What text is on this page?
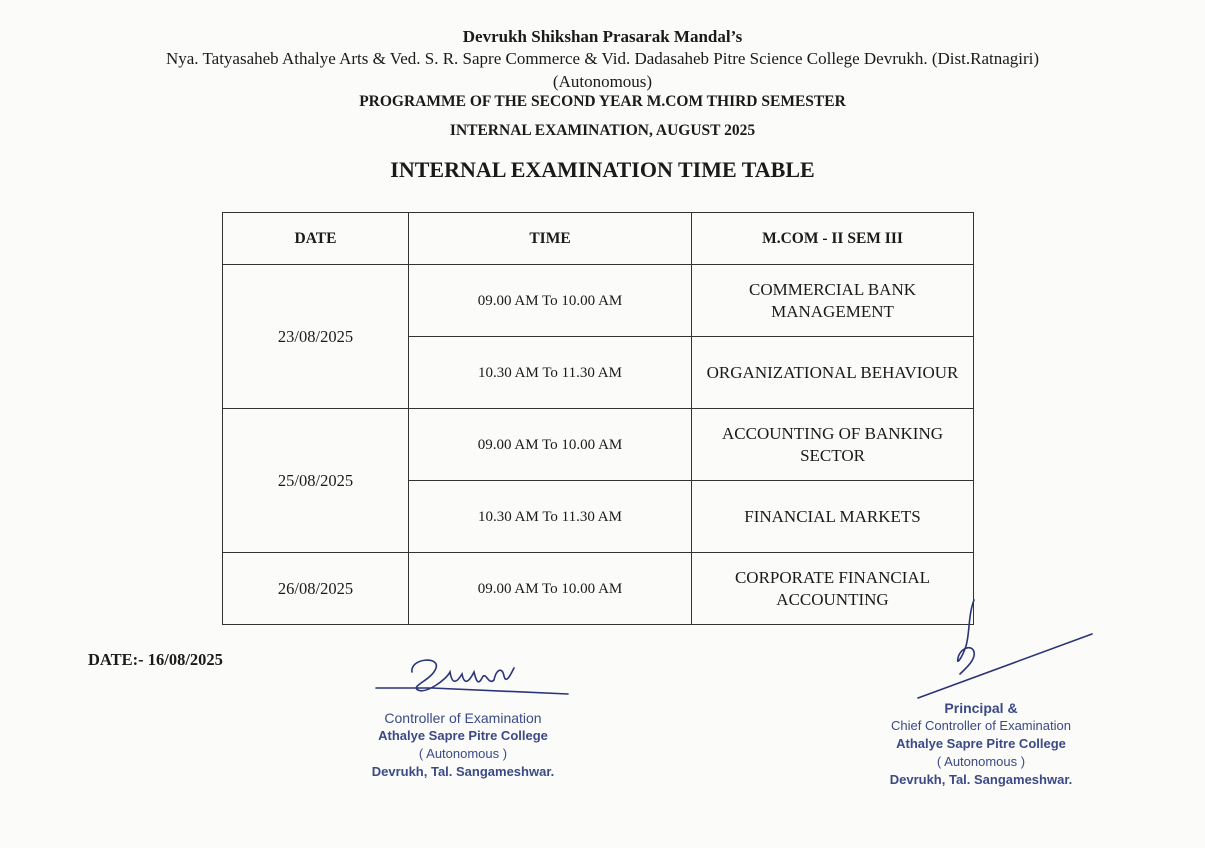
Devrukh Shikshan Prasarak Mandal’s
Nya. Tatyasaheb Athalye Arts & Ved. S. R. Sapre Commerce & Vid. Dadasaheb Pitre Science College Devrukh. (Dist.Ratnagiri)
(Autonomous)
PROGRAMME OF THE SECOND YEAR M.COM THIRD SEMESTER
INTERNAL EXAMINATION, AUGUST 2025
INTERNAL EXAMINATION TIME TABLE
DATE	TIME	M.COM - II SEM III
23/08/2025	09.00 AM To 10.00 AM	COMMERCIAL BANK MANAGEMENT
	10.30 AM To 11.30 AM	ORGANIZATIONAL BEHAVIOUR
25/08/2025	09.00 AM To 10.00 AM	ACCOUNTING OF BANKING SECTOR
	10.30 AM To 11.30 AM	FINANCIAL MARKETS
26/08/2025	09.00 AM To 10.00 AM	CORPORATE FINANCIAL ACCOUNTING
DATE:- 16/08/2025
Controller of Examination
Athalye Sapre Pitre College
( Autonomous )
Devrukh, Tal. Sangameshwar.
Principal &
Chief Controller of Examination
Athalye Sapre Pitre College
( Autonomous )
Devrukh, Tal. Sangameshwar.
